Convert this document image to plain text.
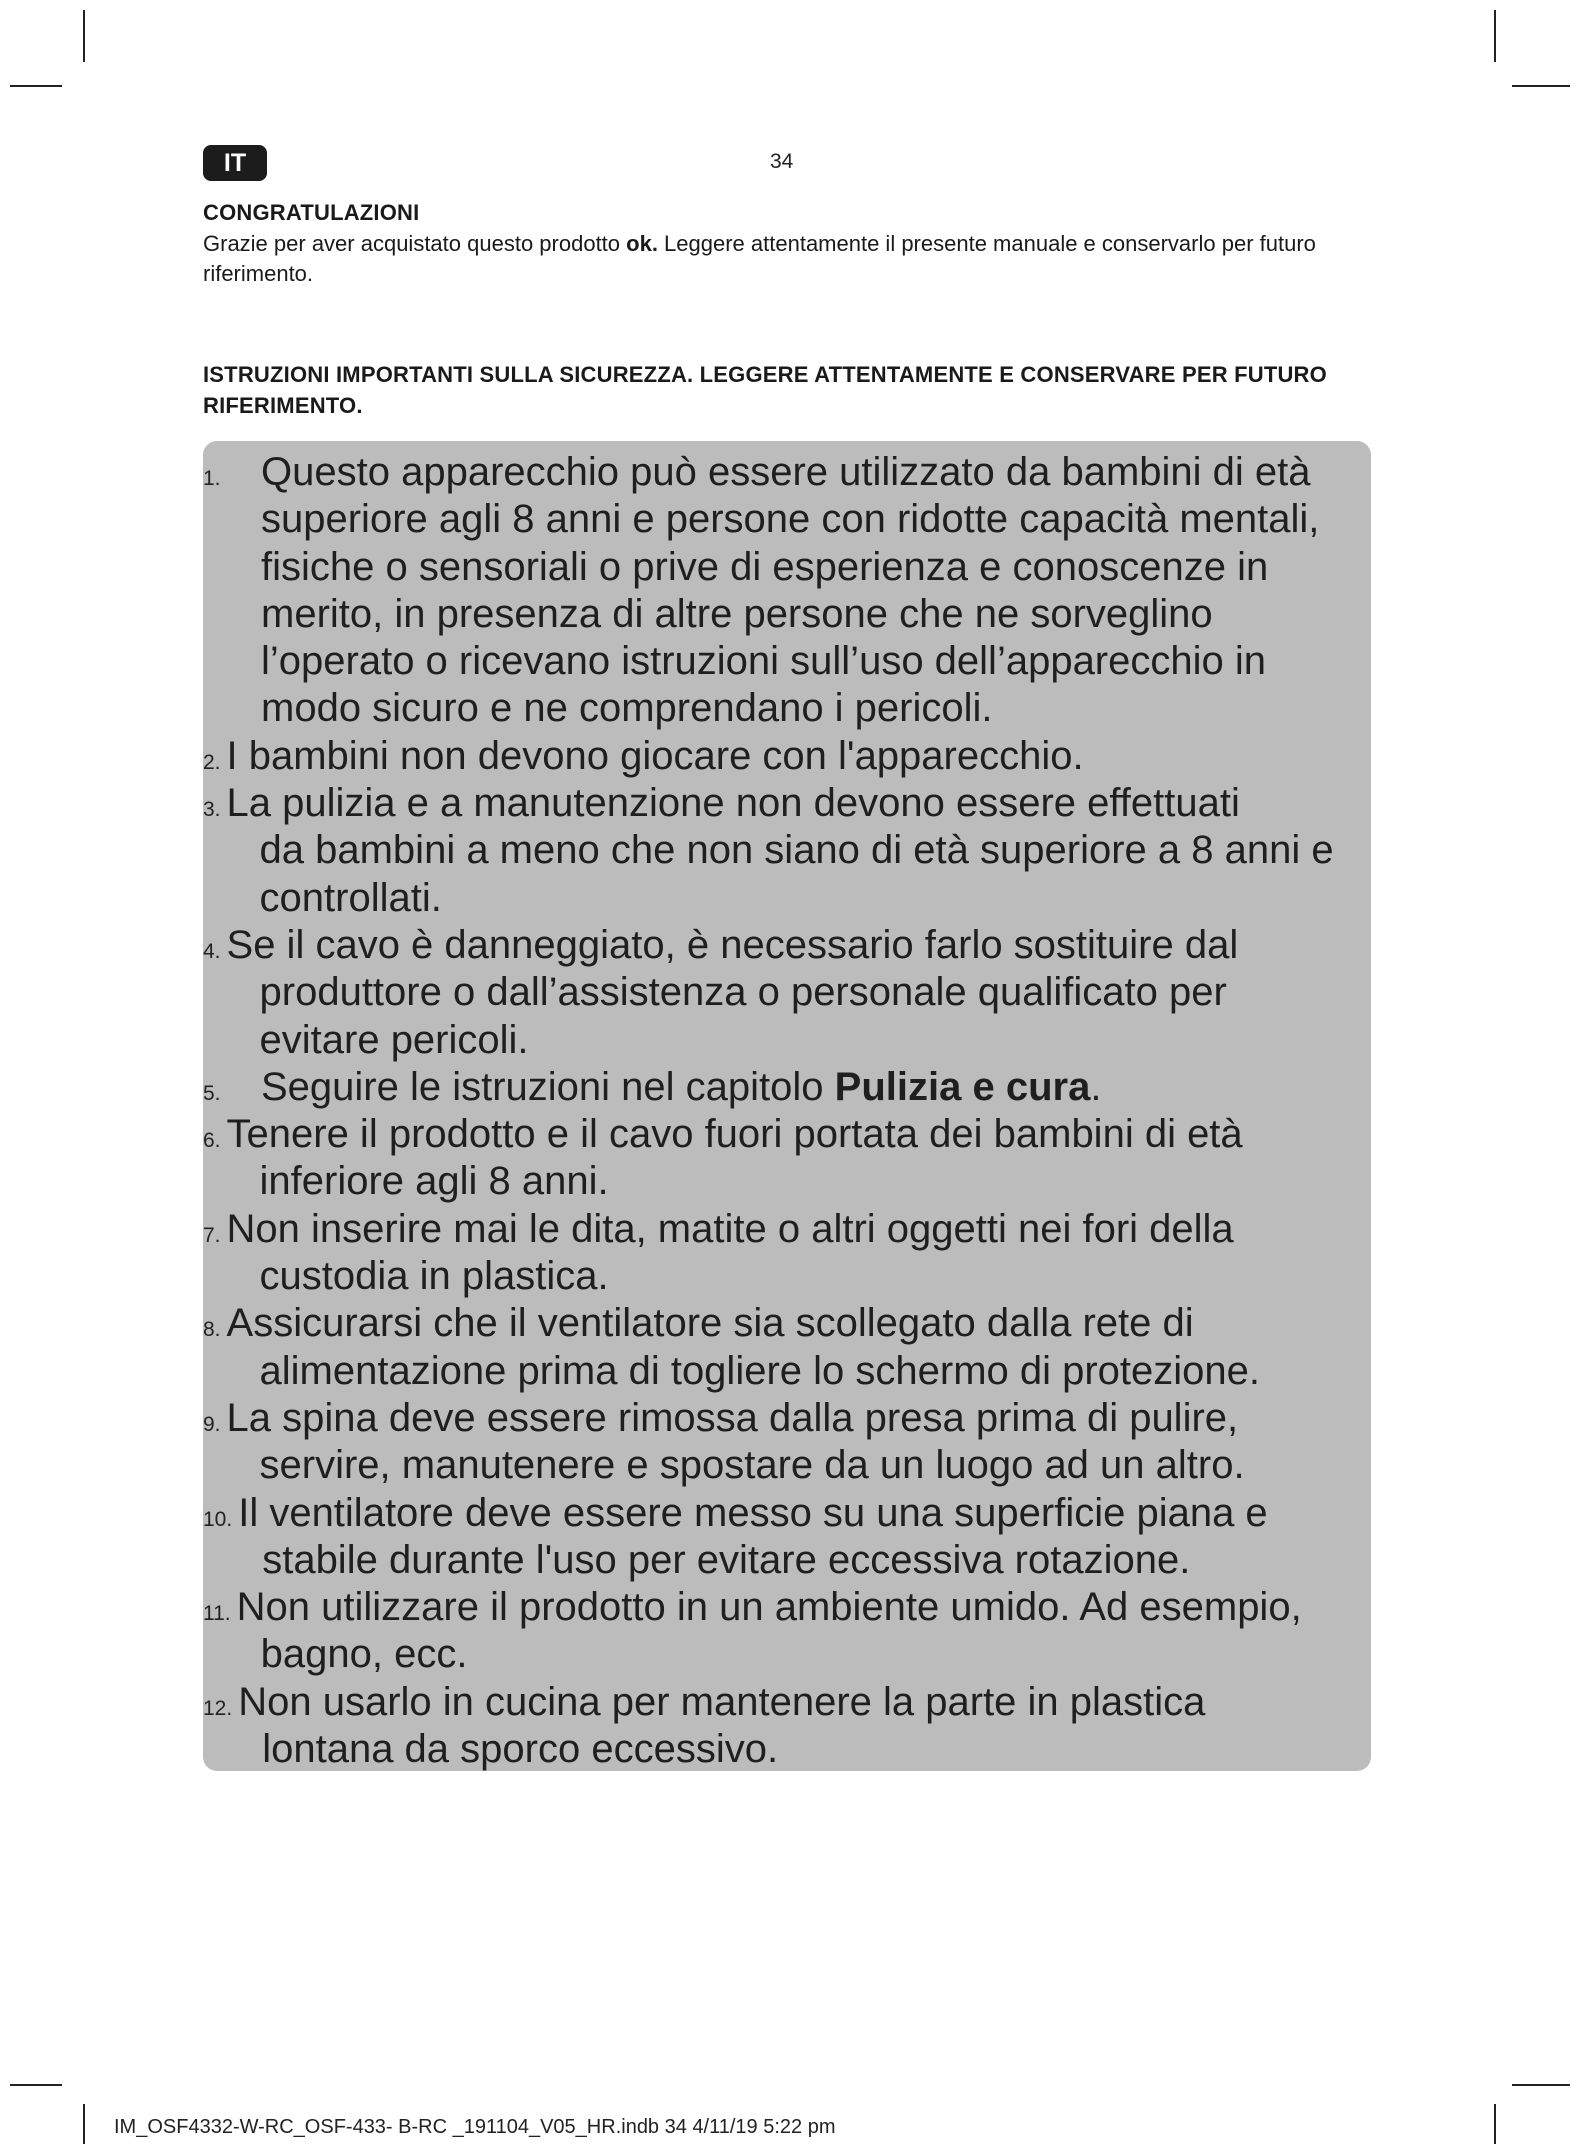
IT	34
CONGRATULAZIONI
Grazie per aver acquistato questo prodotto ok. Leggere attentamente il presente manuale e conservarlo per futuro riferimento.
ISTRUZIONI IMPORTANTI SULLA SICUREZZA. LEGGERE ATTENTAMENTE E CONSERVARE PER FUTURO RIFERIMENTO.
1.	Questo apparecchio può essere utilizzato da bambini di età
superiore agli 8 anni e persone con ridotte capacità mentali,
fisiche o sensoriali o prive di esperienza e conoscenze in
merito, in presenza di altre persone che ne sorveglino
l’operato o ricevano istruzioni sull’uso dell’apparecchio in
modo sicuro e ne comprendano i pericoli.
2. I bambini non devono giocare con l'apparecchio.
3. La pulizia e a manutenzione non devono essere effettuati
da bambini a meno che non siano di età superiore a 8 anni e
controllati.
4. Se il cavo è danneggiato, è necessario farlo sostituire dal
produttore o dall’assistenza o personale qualificato per
evitare pericoli.
5.	Seguire le istruzioni nel capitolo Pulizia e cura.
6. Tenere il prodotto e il cavo fuori portata dei bambini di età
inferiore agli 8 anni.
7. Non inserire mai le dita, matite o altri oggetti nei fori della
custodia in plastica.
8. Assicurarsi che il ventilatore sia scollegato dalla rete di
alimentazione prima di togliere lo schermo di protezione.
9. La spina deve essere rimossa dalla presa prima di pulire,
servire, manutenere e spostare da un luogo ad un altro.
10. Il ventilatore deve essere messo su una superficie piana e
stabile durante l'uso per evitare eccessiva rotazione.
11. Non utilizzare il prodotto in un ambiente umido. Ad esempio,
bagno, ecc.
12. Non usarlo in cucina per mantenere la parte in plastica
lontana da sporco eccessivo.
IM_OSF4332-W-RC_OSF-433- B-RC _191104_V05_HR.indb 34 4/11/19 5:22 pm
